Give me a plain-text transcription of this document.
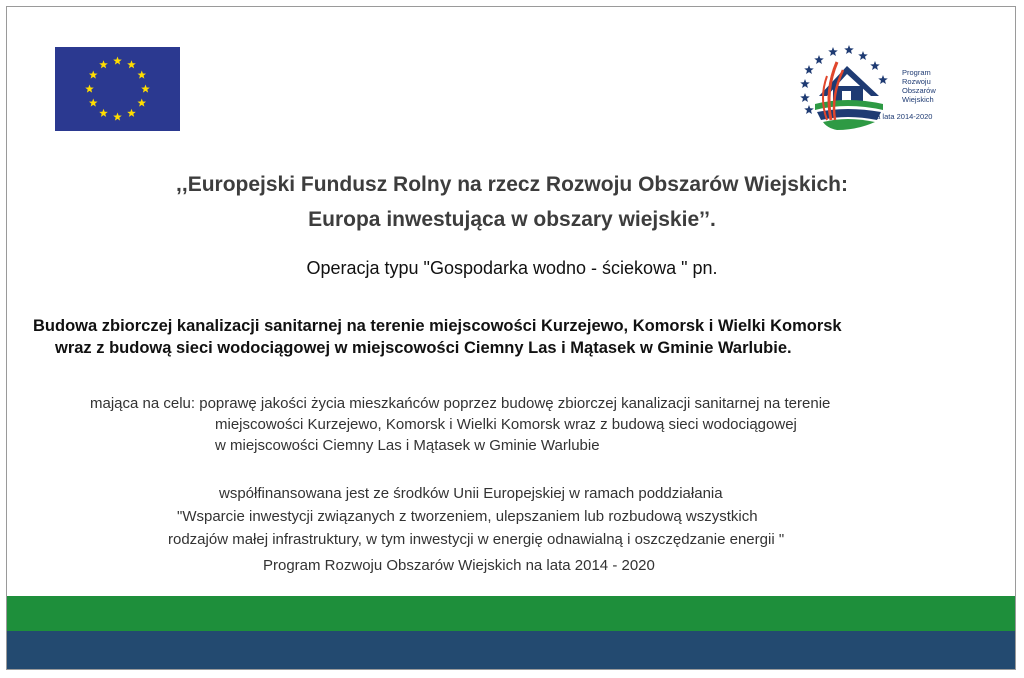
Program
Rozwoju
Obszarów
Wiejskich
na lata 2014-2020
,,Europejski Fundusz Rolny na rzecz Rozwoju Obszarów Wiejskich:
Europa inwestująca w obszary wiejskie’’.
Operacja typu "Gospodarka wodno - ściekowa " pn.
Budowa zbiorczej kanalizacji sanitarnej na terenie miejscowości Kurzejewo, Komorsk i Wielki Komorsk
wraz z budową sieci wodociągowej w miejscowości Ciemny Las i Mątasek w Gminie Warlubie.
mająca na celu: poprawę jakości życia mieszkańców poprzez budowę zbiorczej kanalizacji sanitarnej na terenie
miejscowości Kurzejewo, Komorsk i Wielki Komorsk wraz z budową sieci wodociągowej
w miejscowości Ciemny Las i Mątasek w Gminie Warlubie
współfinansowana jest ze środków Unii Europejskiej w ramach poddziałania
"Wsparcie inwestycji związanych z tworzeniem, ulepszaniem lub rozbudową wszystkich
rodzajów małej infrastruktury, w tym inwestycji w energię odnawialną i oszczędzanie energii "
Program Rozwoju Obszarów Wiejskich na lata 2014 - 2020
